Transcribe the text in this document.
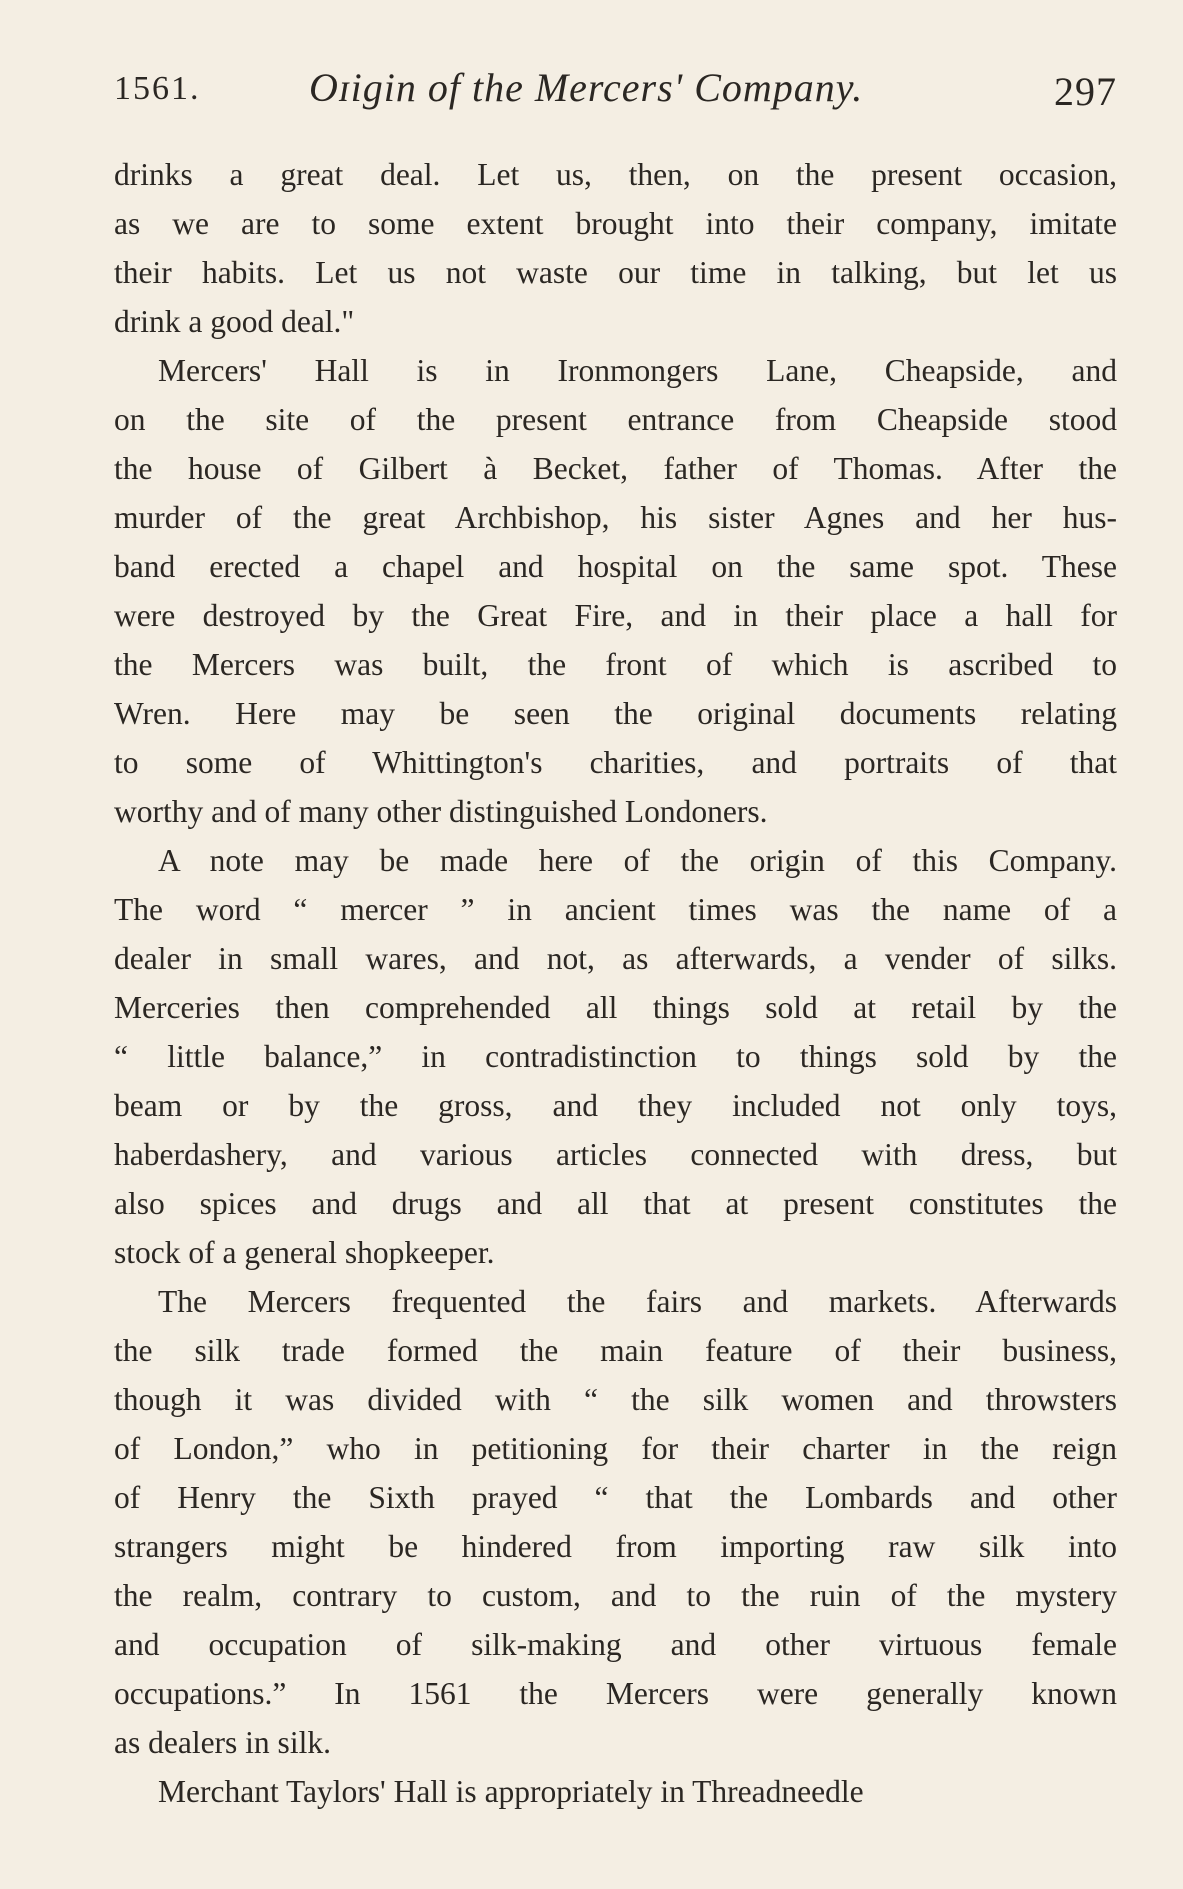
1561.	Oɪigin of the Mercers' Company.	297
drinks a great deal. Let us, then, on the present occasion,
as we are to some extent brought into their company, imitate
their habits. Let us not waste our time in talking, but let us
drink a good deal."
Mercers' Hall is in Ironmongers Lane, Cheapside, and
on the site of the present entrance from Cheapside stood
the house of Gilbert à Becket, father of Thomas. After the
murder of the great Archbishop, his sister Agnes and her hus-
band erected a chapel and hospital on the same spot. These
were destroyed by the Great Fire, and in their place a hall for
the Mercers was built, the front of which is ascribed to
Wren. Here may be seen the original documents relating
to some of Whittington's charities, and portraits of that
worthy and of many other distinguished Londoners.
A note may be made here of the origin of this Company.
The word “ mercer ” in ancient times was the name of a
dealer in small wares, and not, as afterwards, a vender of silks.
Merceries then comprehended all things sold at retail by the
“ little balance,” in contradistinction to things sold by the
beam or by the gross, and they included not only toys,
haberdashery, and various articles connected with dress, but
also spices and drugs and all that at present constitutes the
stock of a general shopkeeper.
The Mercers frequented the fairs and markets. Afterwards
the silk trade formed the main feature of their business,
though it was divided with “ the silk women and throwsters
of London,” who in petitioning for their charter in the reign
of Henry the Sixth prayed “ that the Lombards and other
strangers might be hindered from importing raw silk into
the realm, contrary to custom, and to the ruin of the mystery
and occupation of silk-making and other virtuous female
occupations.” In 1561 the Mercers were generally known
as dealers in silk.
Merchant Taylors' Hall is appropriately in Threadneedle
